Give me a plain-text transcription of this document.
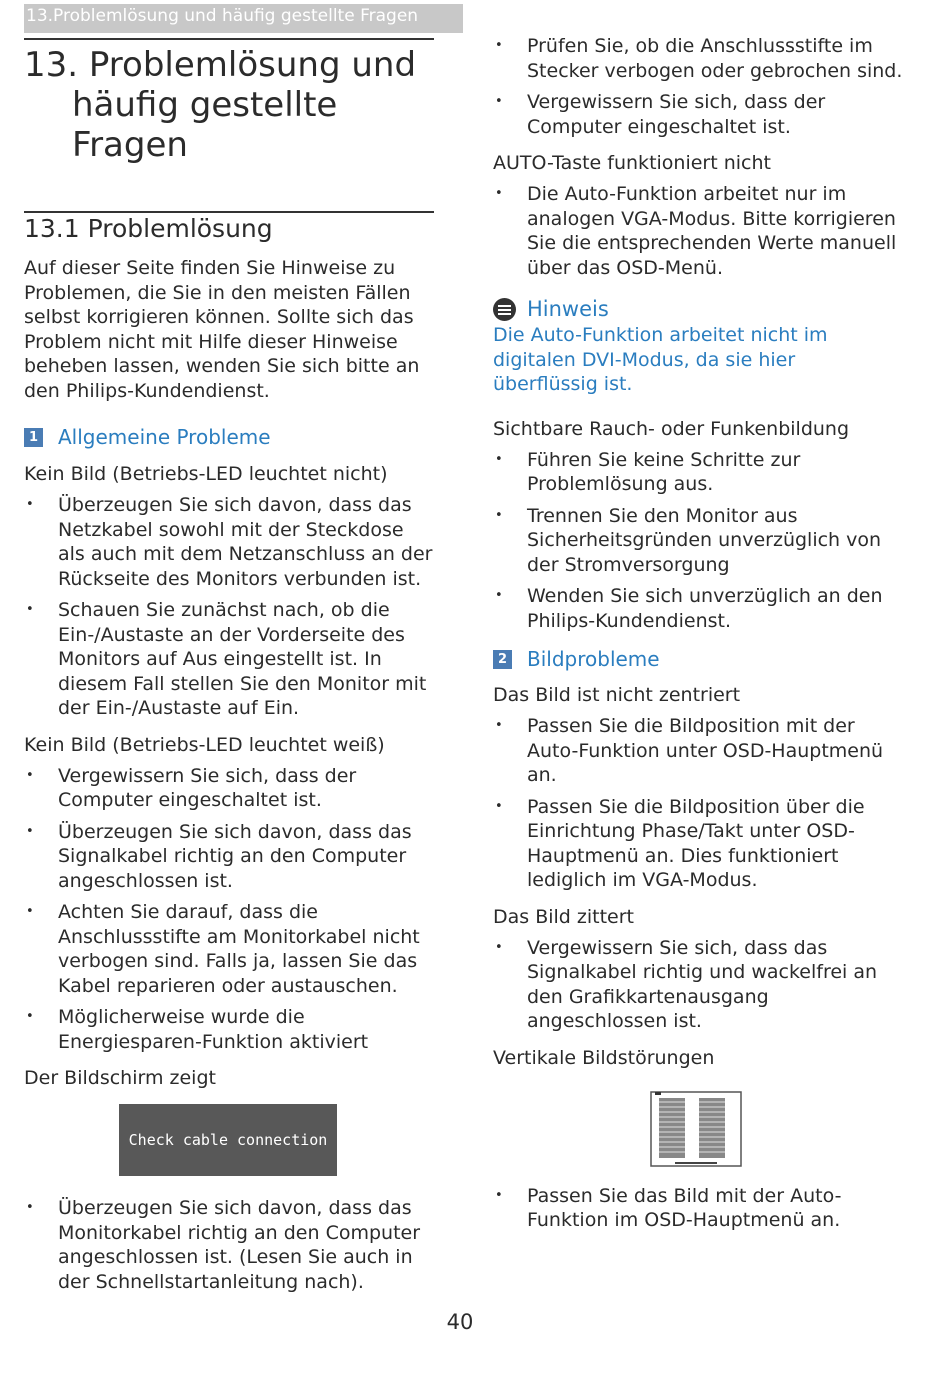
13.Problemlösung und häufig gestellte Fragen
13. Problemlösung und häufig gestellte Fragen
13.1 Problemlösung

Auf dieser Seite finden Sie Hinweise zu Problemen, die Sie in den meisten Fällen selbst korrigieren können. Sollte sich das Problem nicht mit Hilfe dieser Hinweise beheben lassen, wenden Sie sich bitte an den Philips-Kundendienst.

1 Allgemeine Probleme
Kein Bild (Betriebs-LED leuchtet nicht)
• Überzeugen Sie sich davon, dass das Netzkabel sowohl mit der Steckdose als auch mit dem Netzanschluss an der Rückseite des Monitors verbunden ist.
• Schauen Sie zunächst nach, ob die Ein-/Austaste an der Vorderseite des Monitors auf Aus eingestellt ist. In diesem Fall stellen Sie den Monitor mit der Ein-/Austaste auf Ein.
Kein Bild (Betriebs-LED leuchtet weiß)
• Vergewissern Sie sich, dass der Computer eingeschaltet ist.
• Überzeugen Sie sich davon, dass das Signalkabel richtig an den Computer angeschlossen ist.
• Achten Sie darauf, dass die Anschlussstifte am Monitorkabel nicht verbogen sind. Falls ja, lassen Sie das Kabel reparieren oder austauschen.
• Möglicherweise wurde die Energiesparen-Funktion aktiviert
Der Bildschirm zeigt
Check cable connection
• Überzeugen Sie sich davon, dass das Monitorkabel richtig an den Computer angeschlossen ist. (Lesen Sie auch in der Schnellstartanleitung nach).
• Prüfen Sie, ob die Anschlussstifte im Stecker verbogen oder gebrochen sind.
• Vergewissern Sie sich, dass der Computer eingeschaltet ist.
AUTO-Taste funktioniert nicht
• Die Auto-Funktion arbeitet nur im analogen VGA-Modus. Bitte korrigieren Sie die entsprechenden Werte manuell über das OSD-Menü.
Hinweis
Die Auto-Funktion arbeitet nicht im digitalen DVI-Modus, da sie hier überflüssig ist.
Sichtbare Rauch- oder Funkenbildung
• Führen Sie keine Schritte zur Problemlösung aus.
• Trennen Sie den Monitor aus Sicherheitsgründen unverzüglich von der Stromversorgung
• Wenden Sie sich unverzüglich an den Philips-Kundendienst.
2 Bildprobleme
Das Bild ist nicht zentriert
• Passen Sie die Bildposition mit der Auto-Funktion unter OSD-Hauptmenü an.
• Passen Sie die Bildposition über die Einrichtung Phase/Takt unter OSD-Hauptmenü an. Dies funktioniert lediglich im VGA-Modus.
Das Bild zittert
• Vergewissern Sie sich, dass das Signalkabel richtig und wackelfrei an den Grafikkartenausgang angeschlossen ist.
Vertikale Bildstörungen
• Passen Sie das Bild mit der Auto-Funktion im OSD-Hauptmenü an.
40
